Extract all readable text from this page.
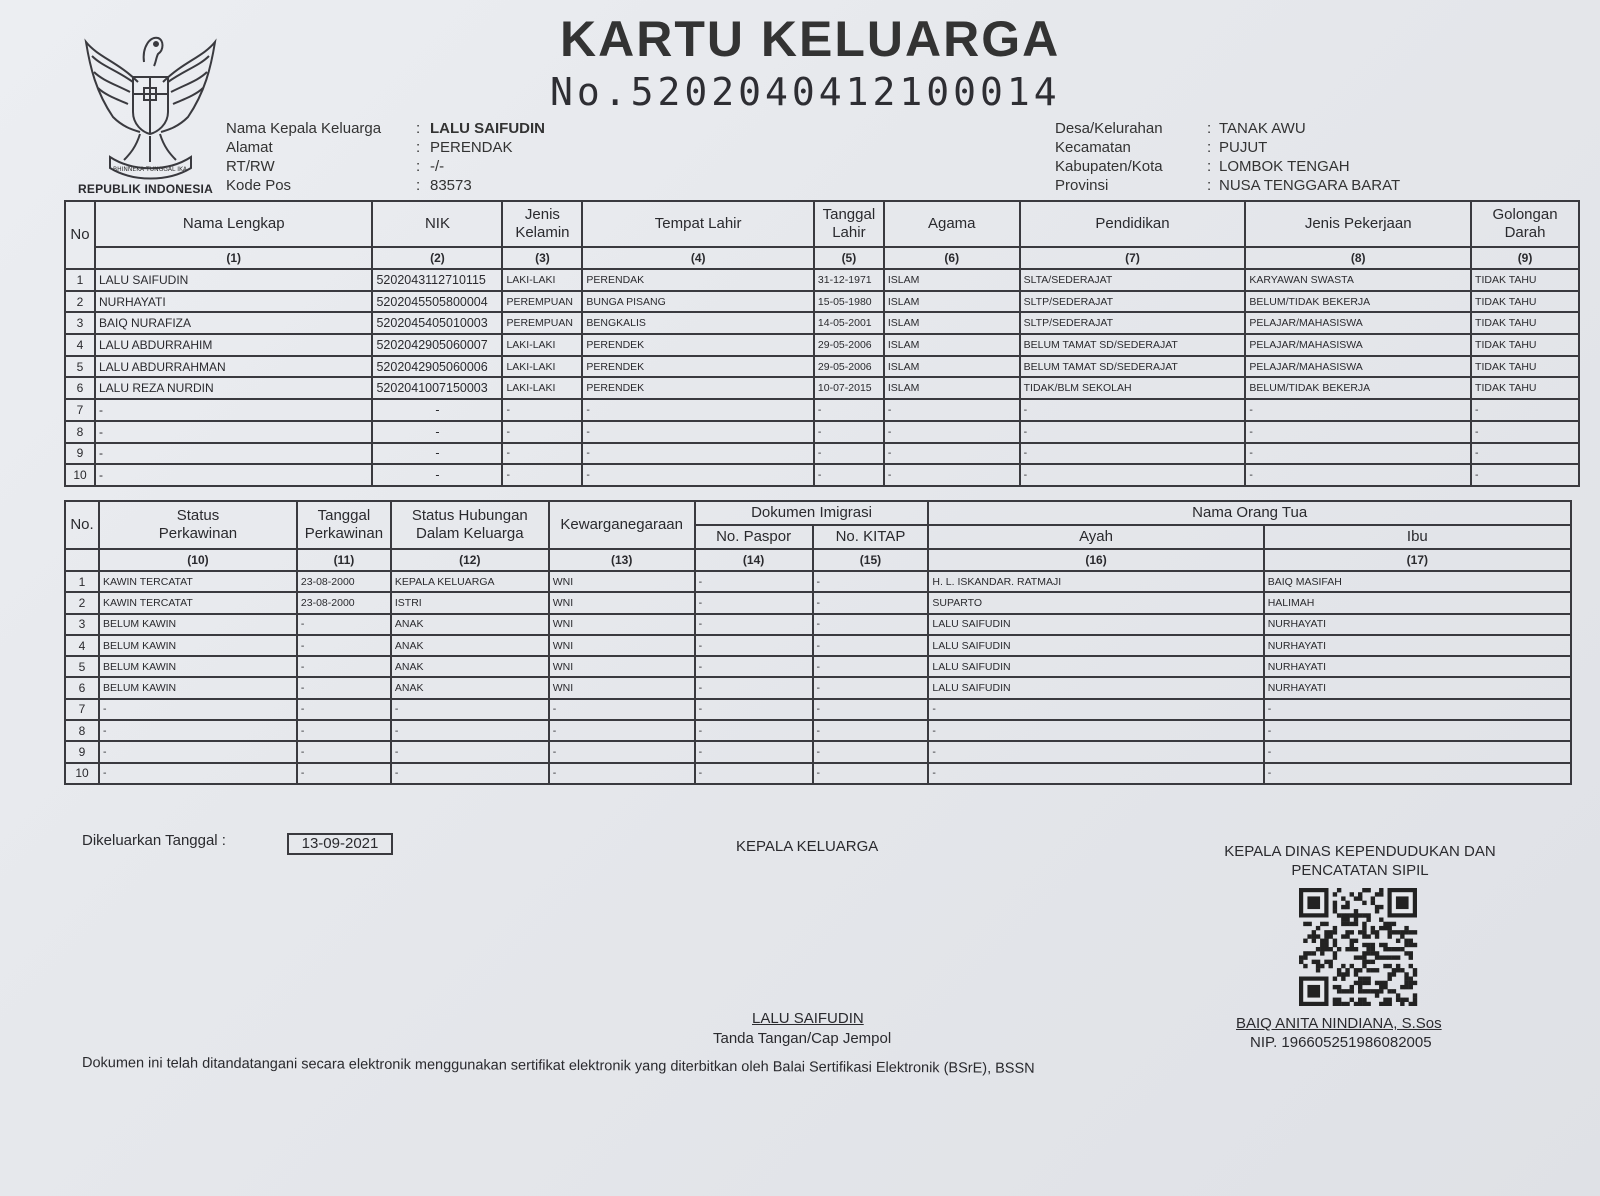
BHINNEKA TUNGGAL IKA
REPUBLIK INDONESIA
KARTU KELUARGA
No.5202040412100014
Nama Kepala Keluarga	: LALU SAIFUDIN
Alamat	: PERENDAK
RT/RW	: -/-
Kode Pos	: 83573
Desa/Kelurahan	: TANAK AWU
Kecamatan	: PUJUT
Kabupaten/Kota	: LOMBOK TENGAH
Provinsi	: NUSA TENGGARA BARAT
No	Nama Lengkap	NIK	Jenis Kelamin	Tempat Lahir	Tanggal Lahir	Agama	Pendidikan	Jenis Pekerjaan	Golongan Darah
	(1)	(2)	(3)	(4)	(5)	(6)	(7)	(8)	(9)
1	LALU SAIFUDIN	5202043112710115	LAKI-LAKI	PERENDAK	31-12-1971	ISLAM	SLTA/SEDERAJAT	KARYAWAN SWASTA	TIDAK TAHU
2	NURHAYATI	5202045505800004	PEREMPUAN	BUNGA PISANG	15-05-1980	ISLAM	SLTP/SEDERAJAT	BELUM/TIDAK BEKERJA	TIDAK TAHU
3	BAIQ NURAFIZA	5202045405010003	PEREMPUAN	BENGKALIS	14-05-2001	ISLAM	SLTP/SEDERAJAT	PELAJAR/MAHASISWA	TIDAK TAHU
4	LALU ABDURRAHIM	5202042905060007	LAKI-LAKI	PERENDEK	29-05-2006	ISLAM	BELUM TAMAT SD/SEDERAJAT	PELAJAR/MAHASISWA	TIDAK TAHU
5	LALU ABDURRAHMAN	5202042905060006	LAKI-LAKI	PERENDEK	29-05-2006	ISLAM	BELUM TAMAT SD/SEDERAJAT	PELAJAR/MAHASISWA	TIDAK TAHU
6	LALU REZA NURDIN	5202041007150003	LAKI-LAKI	PERENDEK	10-07-2015	ISLAM	TIDAK/BLM SEKOLAH	BELUM/TIDAK BEKERJA	TIDAK TAHU
7	-	-	-	-	-	-	-	-	-
8	-	-	-	-	-	-	-	-	-
9	-	-	-	-	-	-	-	-	-
10	-	-	-	-	-	-	-	-	-
No.	Status Perkawinan	Tanggal Perkawinan	Status Hubungan Dalam Keluarga	Kewarganegaraan	Dokumen Imigrasi		Nama Orang Tua	
					No. Paspor	No. KITAP	Ayah	Ibu
	(10)	(11)	(12)	(13)	(14)	(15)	(16)	(17)
1	KAWIN TERCATAT	23-08-2000	KEPALA KELUARGA	WNI	-	-	H. L. ISKANDAR. RATMAJI	BAIQ MASIFAH
2	KAWIN TERCATAT	23-08-2000	ISTRI	WNI	-	-	SUPARTO	HALIMAH
3	BELUM KAWIN	-	ANAK	WNI	-	-	LALU SAIFUDIN	NURHAYATI
4	BELUM KAWIN	-	ANAK	WNI	-	-	LALU SAIFUDIN	NURHAYATI
5	BELUM KAWIN	-	ANAK	WNI	-	-	LALU SAIFUDIN	NURHAYATI
6	BELUM KAWIN	-	ANAK	WNI	-	-	LALU SAIFUDIN	NURHAYATI
7	-	-	-	-	-	-	-	-
8	-	-	-	-	-	-	-	-
9	-	-	-	-	-	-	-	-
10	-	-	-	-	-	-	-	-
Dikeluarkan Tanggal :	13-09-2021	KEPALA KELUARGA
LALU SAIFUDIN
Tanda Tangan/Cap Jempol
KEPALA DINAS KEPENDUDUKAN DAN PENCATATAN SIPIL
BAIQ ANITA NINDIANA, S.Sos
NIP. 196605251986082005
Dokumen ini telah ditandatangani secara elektronik menggunakan sertifikat elektronik yang diterbitkan oleh Balai Sertifikasi Elektronik (BSrE), BSSN
